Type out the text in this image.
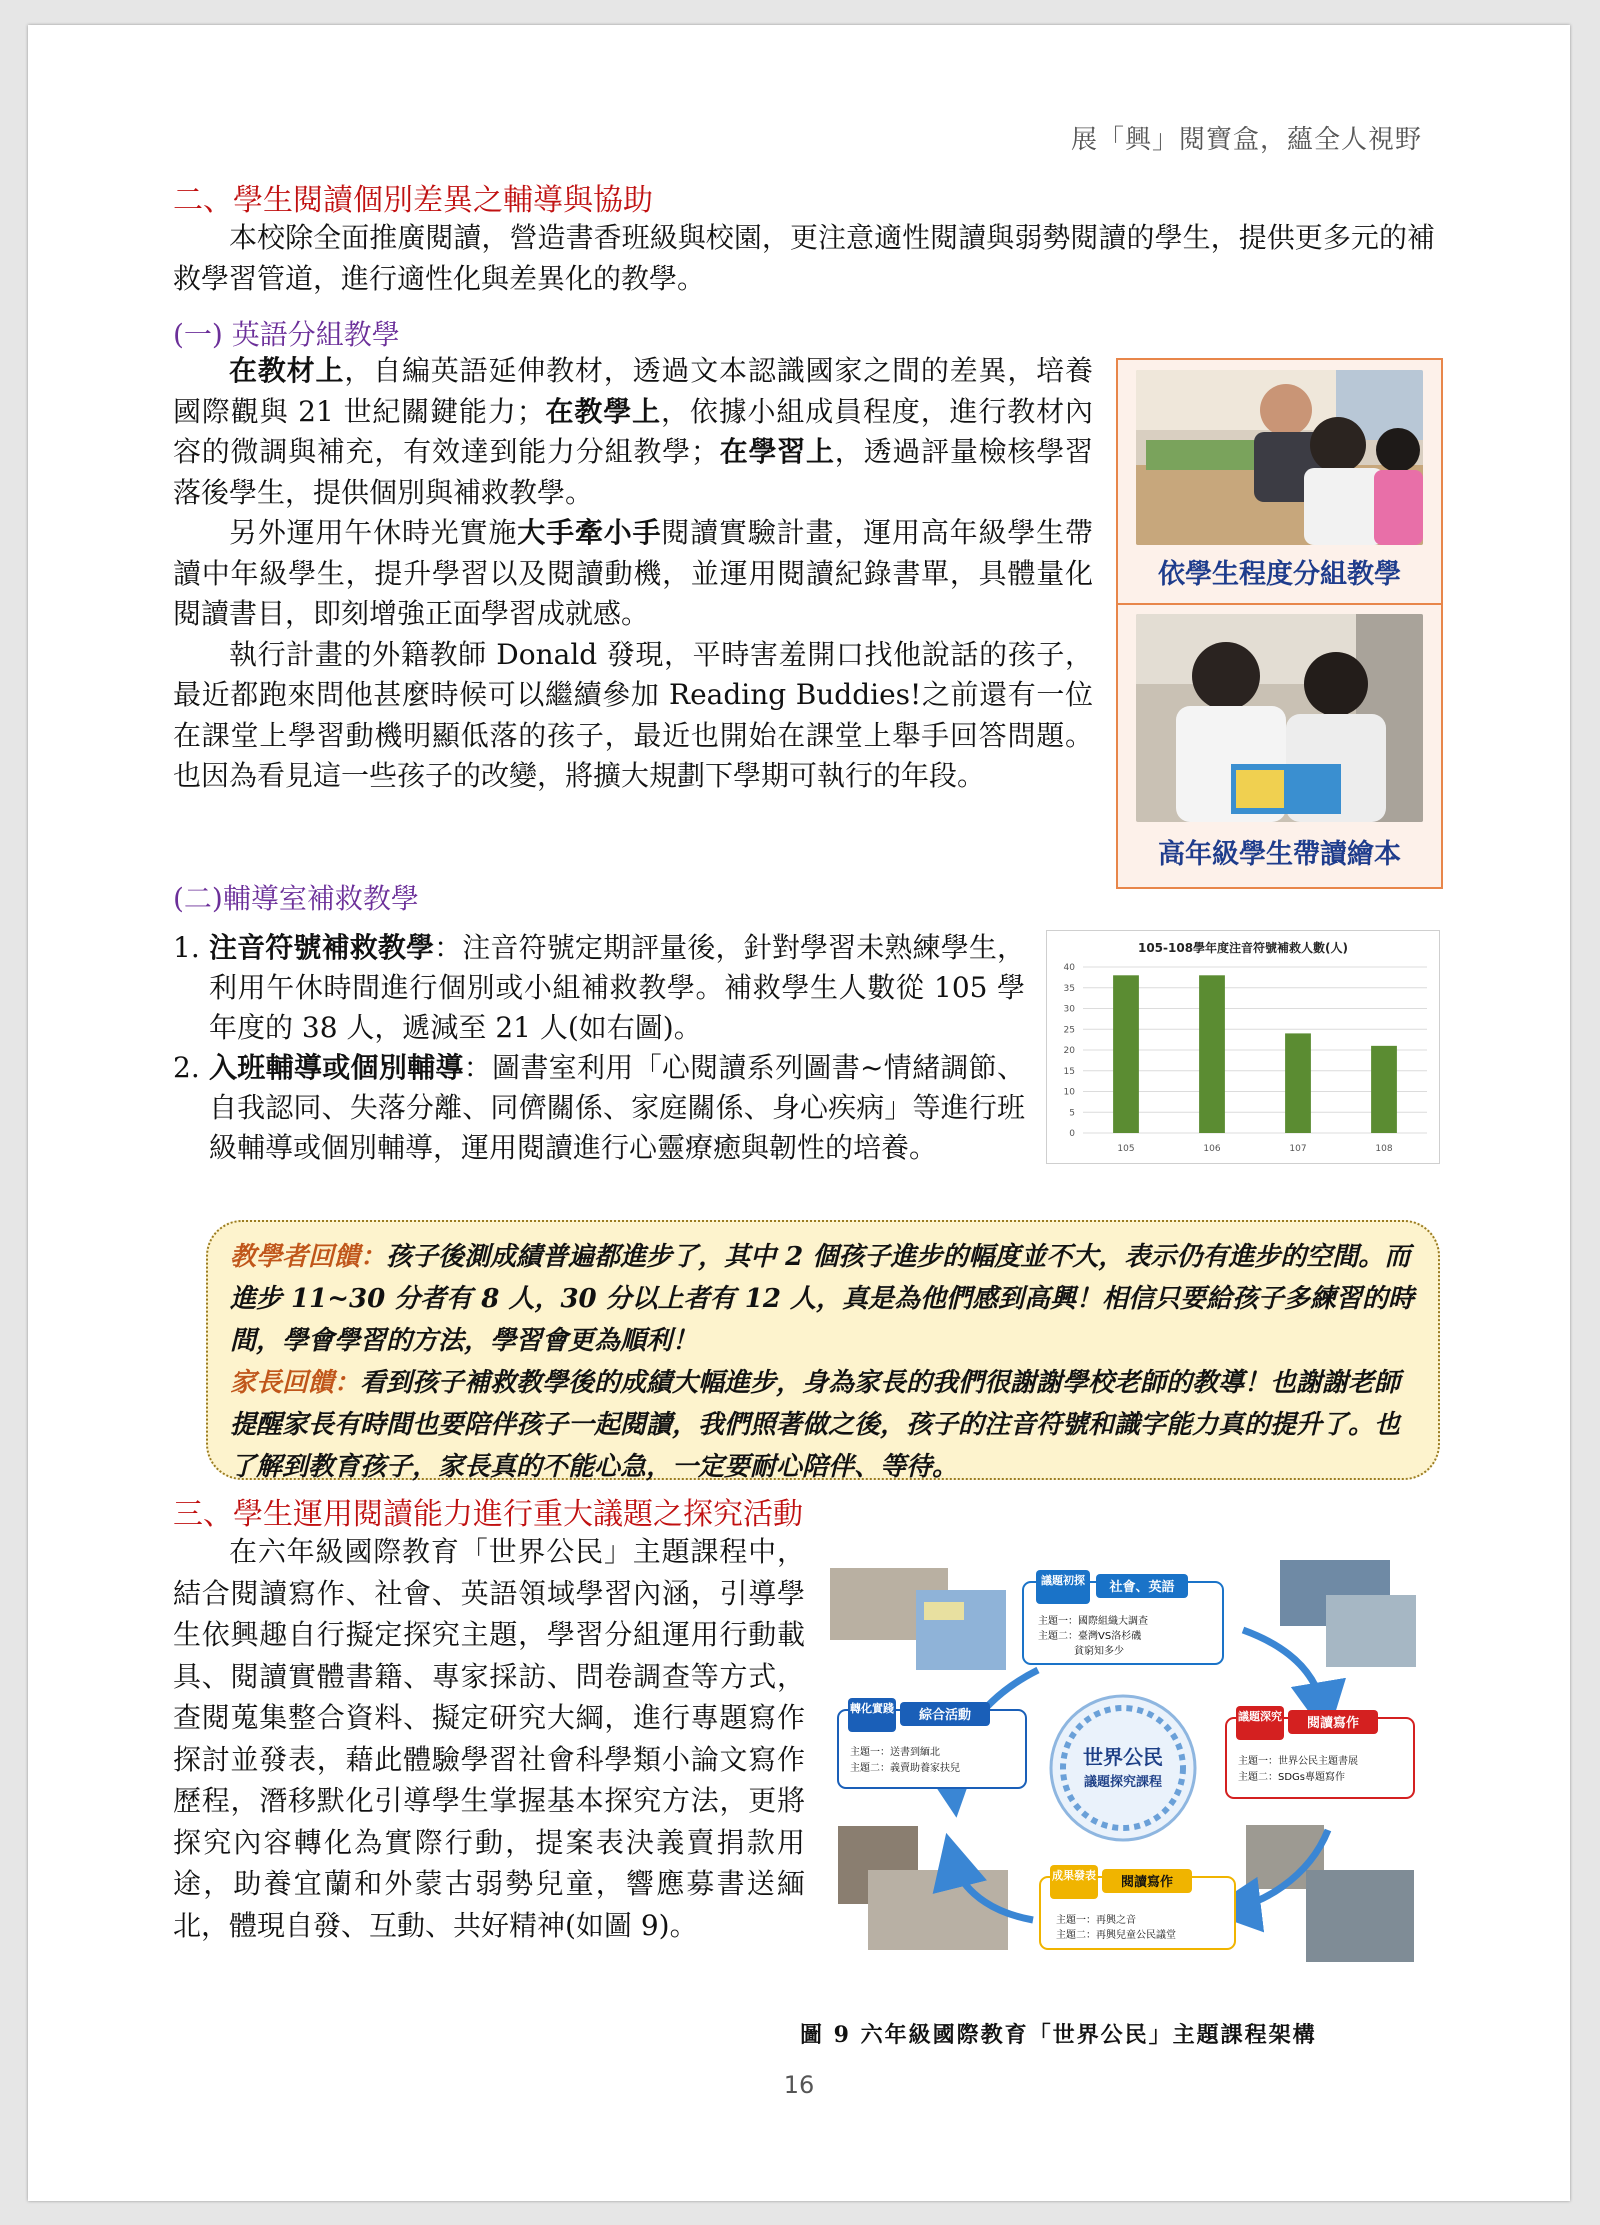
展「興」閱寶盒，蘊全人視野
二、學生閱讀個別差異之輔導與協助

本校除全面推廣閱讀，營造書香班級與校園，更注意適性閱讀與弱勢閱讀的學生，提供更多元的補救學習管道，進行適性化與差異化的教學。

(一) 英語分組教學

在教材上，自編英語延伸教材，透過文本認識國家之間的差異，培養國際觀與 21 世紀關鍵能力；在教學上，依據小組成員程度，進行教材內容的微調與補充，有效達到能力分組教學；在學習上，透過評量檢核學習落後學生，提供個別與補救教學。

另外運用午休時光實施大手牽小手閱讀實驗計畫，運用高年級學生帶讀中年級學生，提升學習以及閱讀動機，並運用閱讀紀錄書單，具體量化閱讀書目，即刻增強正面學習成就感。

執行計畫的外籍教師 Donald 發現，平時害羞開口找他說話的孩子，最近都跑來問他甚麼時候可以繼續參加 Reading Buddies!之前還有一位在課堂上學習動機明顯低落的孩子，最近也開始在課堂上舉手回答問題。也因為看見這一些孩子的改變，將擴大規劃下學期可執行的年段。

依學生程度分組教學
高年級學生帶讀繪本
(二)輔導室補救教學
1. 注音符號補救教學：注音符號定期評量後，針對學習未熟練學生，利用午休時間進行個別或小組補救教學。補救學生人數從 105 學年度的 38 人，遞減至 21 人(如右圖)。
2. 入班輔導或個別輔導：圖書室利用「心閱讀系列圖書~情緒調節、自我認同、失落分離、同儕關係、家庭關係、身心疾病」等進行班級輔導或個別輔導，運用閱讀進行心靈療癒與韌性的培養。
105-108學年度注音符號補救人數(人)
0
5
10
15
20
25
30
35
40
105	106	107	108
教學者回饋：孩子後測成績普遍都進步了，其中 2 個孩子進步的幅度並不大，表示仍有進步的空間。而進步 11~30 分者有 8 人，30 分以上者有 12 人，真是為他們感到高興！相信只要給孩子多練習的時間，學會學習的方法，學習會更為順利！
家長回饋：看到孩子補救教學後的成績大幅進步，身為家長的我們很謝謝學校老師的教導！也謝謝老師提醒家長有時間也要陪伴孩子一起閱讀，我們照著做之後，孩子的注音符號和識字能力真的提升了。也了解到教育孩子，家長真的不能心急，一定要耐心陪伴、等待。
三、學生運用閱讀能力進行重大議題之探究活動

在六年級國際教育「世界公民」主題課程中，結合閱讀寫作、社會、英語領域學習內涵，引導學生依興趣自行擬定探究主題，學習分組運用行動載具、閱讀實體書籍、專家採訪、問卷調查等方式，查閱蒐集整合資料、擬定研究大綱，進行專題寫作探討並發表，藉此體驗學習社會科學類小論文寫作歷程，潛移默化引導學生掌握基本探究方法，更將探究內容轉化為實際行動，提案表決義賣捐款用途，助養宜蘭和外蒙古弱勢兒童，響應募書送緬北，體現自發、互動、共好精神(如圖 9)。

世界公民
議題探究課程
議題初探 社會、英語
主題一：國際組織大調查
主題二：臺灣VS洛杉磯
貧窮知多少
議題深究 閱讀寫作
主題一：世界公民主題書展
主題二：SDGs專題寫作
成果發表 閱讀寫作
主題一：再興之音
主題二：再興兒童公民議堂
轉化實踐 綜合活動
主題一：送書到緬北
主題二：義賣助養家扶兒
圖 9 六年級國際教育「世界公民」主題課程架構
16
